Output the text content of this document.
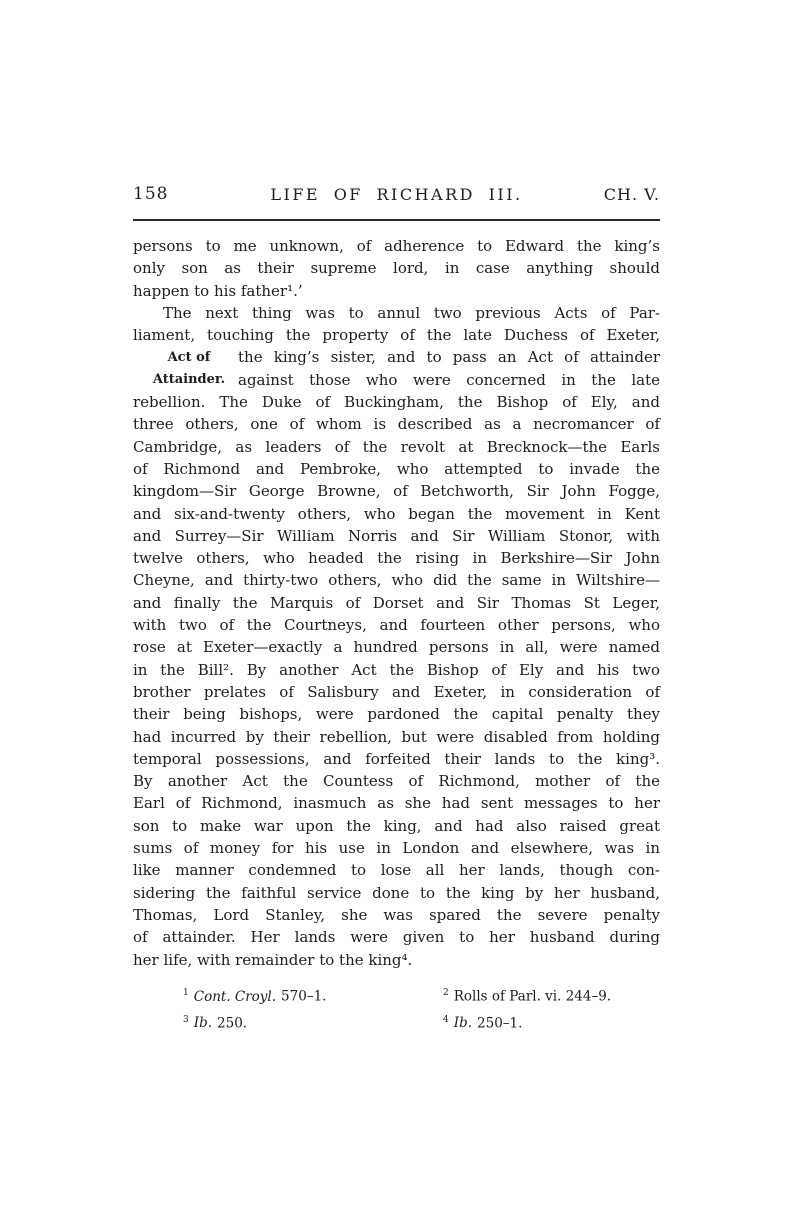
158	LIFE OF RICHARD III.	CH. V.
persons to me unknown, of adherence to Edward the king’s
only son as their supreme lord, in case anything should
happen to his father¹.’
The next thing was to annul two previous Acts of Par-
liament, touching the property of the late Duchess of Exeter,
the king’s sister, and to pass an Act of attainder
against those who were concerned in the late
rebellion. The Duke of Buckingham, the Bishop of Ely, and
three others, one of whom is described as a necromancer of
Cambridge, as leaders of the revolt at Brecknock—the Earls
of Richmond and Pembroke, who attempted to invade the
kingdom—Sir George Browne, of Betchworth, Sir John Fogge,
and six-and-twenty others, who began the movement in Kent
and Surrey—Sir William Norris and Sir William Stonor, with
twelve others, who headed the rising in Berkshire—Sir John
Cheyne, and thirty-two others, who did the same in Wiltshire—
and finally the Marquis of Dorset and Sir Thomas St Leger,
with two of the Courtneys, and fourteen other persons, who
rose at Exeter—exactly a hundred persons in all, were named
in the Bill². By another Act the Bishop of Ely and his two
brother prelates of Salisbury and Exeter, in consideration of
their being bishops, were pardoned the capital penalty they
had incurred by their rebellion, but were disabled from holding
temporal possessions, and forfeited their lands to the king³.
By another Act the Countess of Richmond, mother of the
Earl of Richmond, inasmuch as she had sent messages to her
son to make war upon the king, and had also raised great
sums of money for his use in London and elsewhere, was in
like manner condemned to lose all her lands, though con-
sidering the faithful service done to the king by her husband,
Thomas, Lord Stanley, she was spared the severe penalty
of attainder. Her lands were given to her husband during
her life, with remainder to the king⁴.
Act of
Attainder.
$^1$ Cont. Croyl. 570–1.	$^2$ Rolls of Parl. vi. 244–9.
$^3$ Ib. 250.	$^4$ Ib. 250–1.
